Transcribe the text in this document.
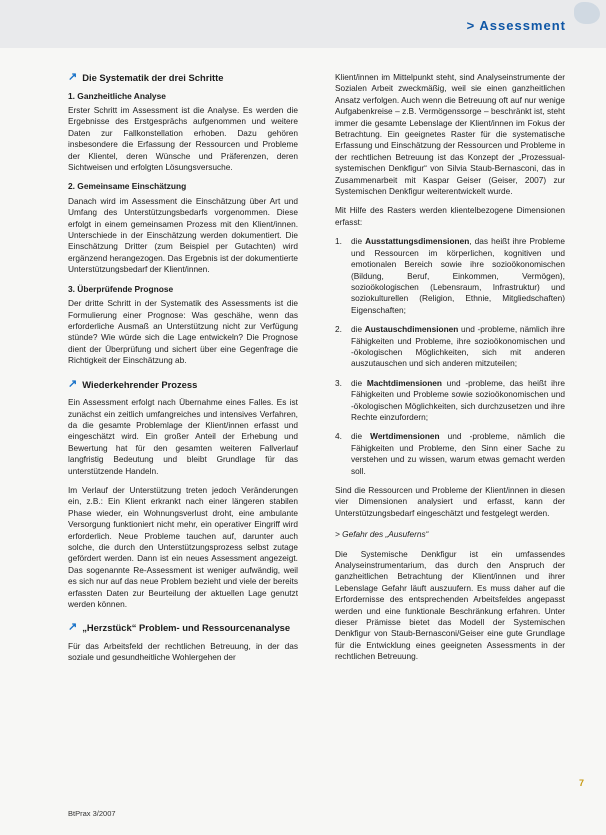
> Assessment
↗ Die Systematik der drei Schritte
1. Ganzheitliche Analyse

Erster Schritt im Assessment ist die Analyse. Es werden die Ergebnisse des Erstgesprächs aufgenommen und weitere Daten zur Fallkonstellation erhoben. Dazu gehören insbesondere die Erfassung der Ressourcen und Probleme der Klientel, deren Wünsche und Präferenzen, deren Sichtweisen und erfolgten Lösungsversuche.

2. Gemeinsame Einschätzung

Danach wird im Assessment die Einschätzung über Art und Umfang des Unterstützungsbedarfs vorgenommen. Diese erfolgt in einem gemeinsamen Prozess mit den Klient/innen. Unterschiede in der Einschätzung werden dokumentiert. Die Einschätzung Dritter (zum Beispiel per Gutachten) wird ergänzend herangezogen. Das Ergebnis ist der dokumentierte Unterstützungsbedarf der Klient/innen.

3. Überprüfende Prognose

Der dritte Schritt in der Systematik des Assessments ist die Formulierung einer Prognose: Was geschähe, wenn das erforderliche Ausmaß an Unterstützung nicht zur Verfügung stünde? Wie würde sich die Lage entwickeln? Die Prognose dient der Überprüfung und sichert über eine Gegenfrage die Richtigkeit der Einschätzung ab.

↗ Wiederkehrender Prozess

Ein Assessment erfolgt nach Übernahme eines Falles. Es ist zunächst ein zeitlich umfangreiches und intensives Verfahren, da die gesamte Problemlage der Klient/innen erfasst und eingeschätzt wird. Ein großer Anteil der Erhebung und Bewertung hat für den gesamten weiteren Fallverlauf langfristig Bedeutung und bleibt Grundlage für das unterstützende Handeln.

Im Verlauf der Unterstützung treten jedoch Veränderungen ein, z.B.: Ein Klient erkrankt nach einer längeren stabilen Phase wieder, ein Wohnungsverlust droht, eine ambulante Versorgung funktioniert nicht mehr, ein operativer Eingriff wird erforderlich. Neue Probleme tauchen auf, darunter auch solche, die durch den Unterstützungsprozess selbst zutage gefördert werden. Dann ist ein neues Assessment angezeigt. Das sogenannte Re-Assessment ist weniger aufwändig, weil es sich nur auf das neue Problem bezieht und viele der bereits erfassten Daten zur Beurteilung der aktuellen Lage genutzt werden können.

↗ „Herzstück“ Problem- und Ressourcenanalyse

Für das Arbeitsfeld der rechtlichen Betreuung, in der das soziale und gesundheitliche Wohlergehen der

Klient/innen im Mittelpunkt steht, sind Analyseinstrumente der Sozialen Arbeit zweckmäßig, weil sie einen ganzheitlichen Ansatz verfolgen. Auch wenn die Betreuung oft auf nur wenige Aufgabenkreise – z.B. Vermögenssorge – beschränkt ist, steht immer die gesamte Lebenslage der Klient/innen im Fokus der Betrachtung. Ein geeignetes Raster für die systematische Erfassung und Einschätzung der Ressourcen und Probleme in der rechtlichen Betreuung ist das Konzept der „Prozessual-systemischen Denkfigur“ von Silvia Staub-Bernasconi, das in Zusammenarbeit mit Kaspar Geiser (Geiser, 2007) zur Systemischen Denkfigur weiterentwickelt wurde.

Mit Hilfe des Rasters werden klientelbezogene Dimensionen erfasst:

1.	die Ausstattungsdimensionen, das heißt ihre Probleme und Ressourcen im körperlichen, kognitiven und emotionalen Bereich sowie ihre sozioökonomischen (Bildung, Beruf, Einkommen, Vermögen), sozioökologischen (Lebensraum, Infrastruktur) und soziokulturellen (Religion, Ethnie, Mitgliedschaften) Eigenschaften;
2.	die Austauschdimensionen und -probleme, nämlich ihre Fähigkeiten und Probleme, ihre sozioökonomischen und -ökologischen Möglichkeiten, sich mit anderen auszutauschen und sich anderen mitzuteilen;
3.	die Machtdimensionen und -probleme, das heißt ihre Fähigkeiten und Probleme sowie sozioökonomischen und -ökologischen Möglichkeiten, sich durchzusetzen und ihre Rechte einzufordern;
4.	die Wertdimensionen und -probleme, nämlich die Fähigkeiten und Probleme, den Sinn einer Sache zu verstehen und zu wissen, warum etwas gemacht werden soll.

Sind die Ressourcen und Probleme der Klient/innen in diesen vier Dimensionen analysiert und erfasst, kann der Unterstützungsbedarf eingeschätzt und festgelegt werden.

> Gefahr des „Ausuferns“

Die Systemische Denkfigur ist ein umfassendes Analyseinstrumentarium, das durch den Anspruch der ganzheitlichen Betrachtung der Klient/innen und ihrer Lebenslage Gefahr läuft auszuufern. Es muss daher auf die Erfordernisse des entsprechenden Arbeitsfeldes angepasst werden und eine funktionale Beschränkung erfahren. Unter dieser Prämisse bietet das Modell der Systemischen Denkfigur von Staub-Bernasconi/Geiser eine gute Grundlage für die Entwicklung eines geeigneten Assessments in der rechtlichen Betreuung.

7
BtPrax 3/2007
